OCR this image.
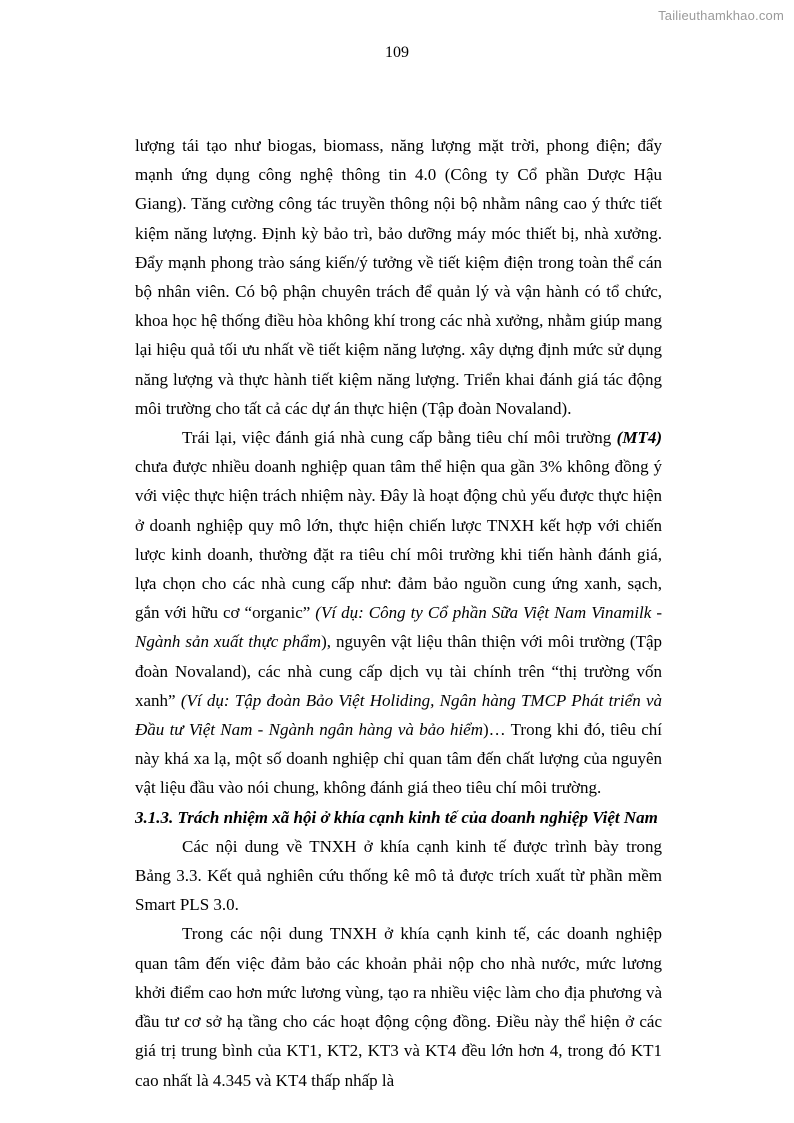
Tailieuthamkhao.com
109

lượng tái tạo như biogas, biomass, năng lượng mặt trời, phong điện; đẩy mạnh ứng dụng công nghệ thông tin 4.0 (Công ty Cổ phần Dược Hậu Giang). Tăng cường công tác truyền thông nội bộ nhằm nâng cao ý thức tiết kiệm năng lượng. Định kỳ bảo trì, bảo dưỡng máy móc thiết bị, nhà xưởng. Đẩy mạnh phong trào sáng kiến/ý tưởng về tiết kiệm điện trong toàn thể cán bộ nhân viên. Có bộ phận chuyên trách để quản lý và vận hành có tổ chức, khoa học hệ thống điều hòa không khí trong các nhà xưởng, nhằm giúp mang lại hiệu quả tối ưu nhất về tiết kiệm năng lượng. xây dựng định mức sử dụng năng lượng và thực hành tiết kiệm năng lượng. Triển khai đánh giá tác động môi trường cho tất cả các dự án thực hiện (Tập đoàn Novaland).

Trái lại, việc đánh giá nhà cung cấp bằng tiêu chí môi trường (MT4) chưa được nhiều doanh nghiệp quan tâm thể hiện qua gần 3% không đồng ý với việc thực hiện trách nhiệm này. Đây là hoạt động chủ yếu được thực hiện ở doanh nghiệp quy mô lớn, thực hiện chiến lược TNXH kết hợp với chiến lược kinh doanh, thường đặt ra tiêu chí môi trường khi tiến hành đánh giá, lựa chọn cho các nhà cung cấp như: đảm bảo nguồn cung ứng xanh, sạch, gắn với hữu cơ “organic” (Ví dụ: Công ty Cổ phần Sữa Việt Nam Vinamilk - Ngành sản xuất thực phẩm), nguyên vật liệu thân thiện với môi trường (Tập đoàn Novaland), các nhà cung cấp dịch vụ tài chính trên “thị trường vốn xanh” (Ví dụ: Tập đoàn Bảo Việt Holiding, Ngân hàng TMCP Phát triển và Đầu tư Việt Nam - Ngành ngân hàng và bảo hiểm)… Trong khi đó, tiêu chí này khá xa lạ, một số doanh nghiệp chỉ quan tâm đến chất lượng của nguyên vật liệu đầu vào nói chung, không đánh giá theo tiêu chí môi trường.

3.1.3. Trách nhiệm xã hội ở khía cạnh kinh tế của doanh nghiệp Việt Nam

Các nội dung về TNXH ở khía cạnh kinh tế được trình bày trong Bảng 3.3. Kết quả nghiên cứu thống kê mô tả được trích xuất từ phần mềm Smart PLS 3.0.

Trong các nội dung TNXH ở khía cạnh kinh tế, các doanh nghiệp quan tâm đến việc đảm bảo các khoản phải nộp cho nhà nước, mức lương khởi điểm cao hơn mức lương vùng, tạo ra nhiều việc làm cho địa phương và đầu tư cơ sở hạ tầng cho các hoạt động cộng đồng. Điều này thể hiện ở các giá trị trung bình của KT1, KT2, KT3 và KT4 đều lớn hơn 4, trong đó KT1 cao nhất là 4.345 và KT4 thấp nhấp là
